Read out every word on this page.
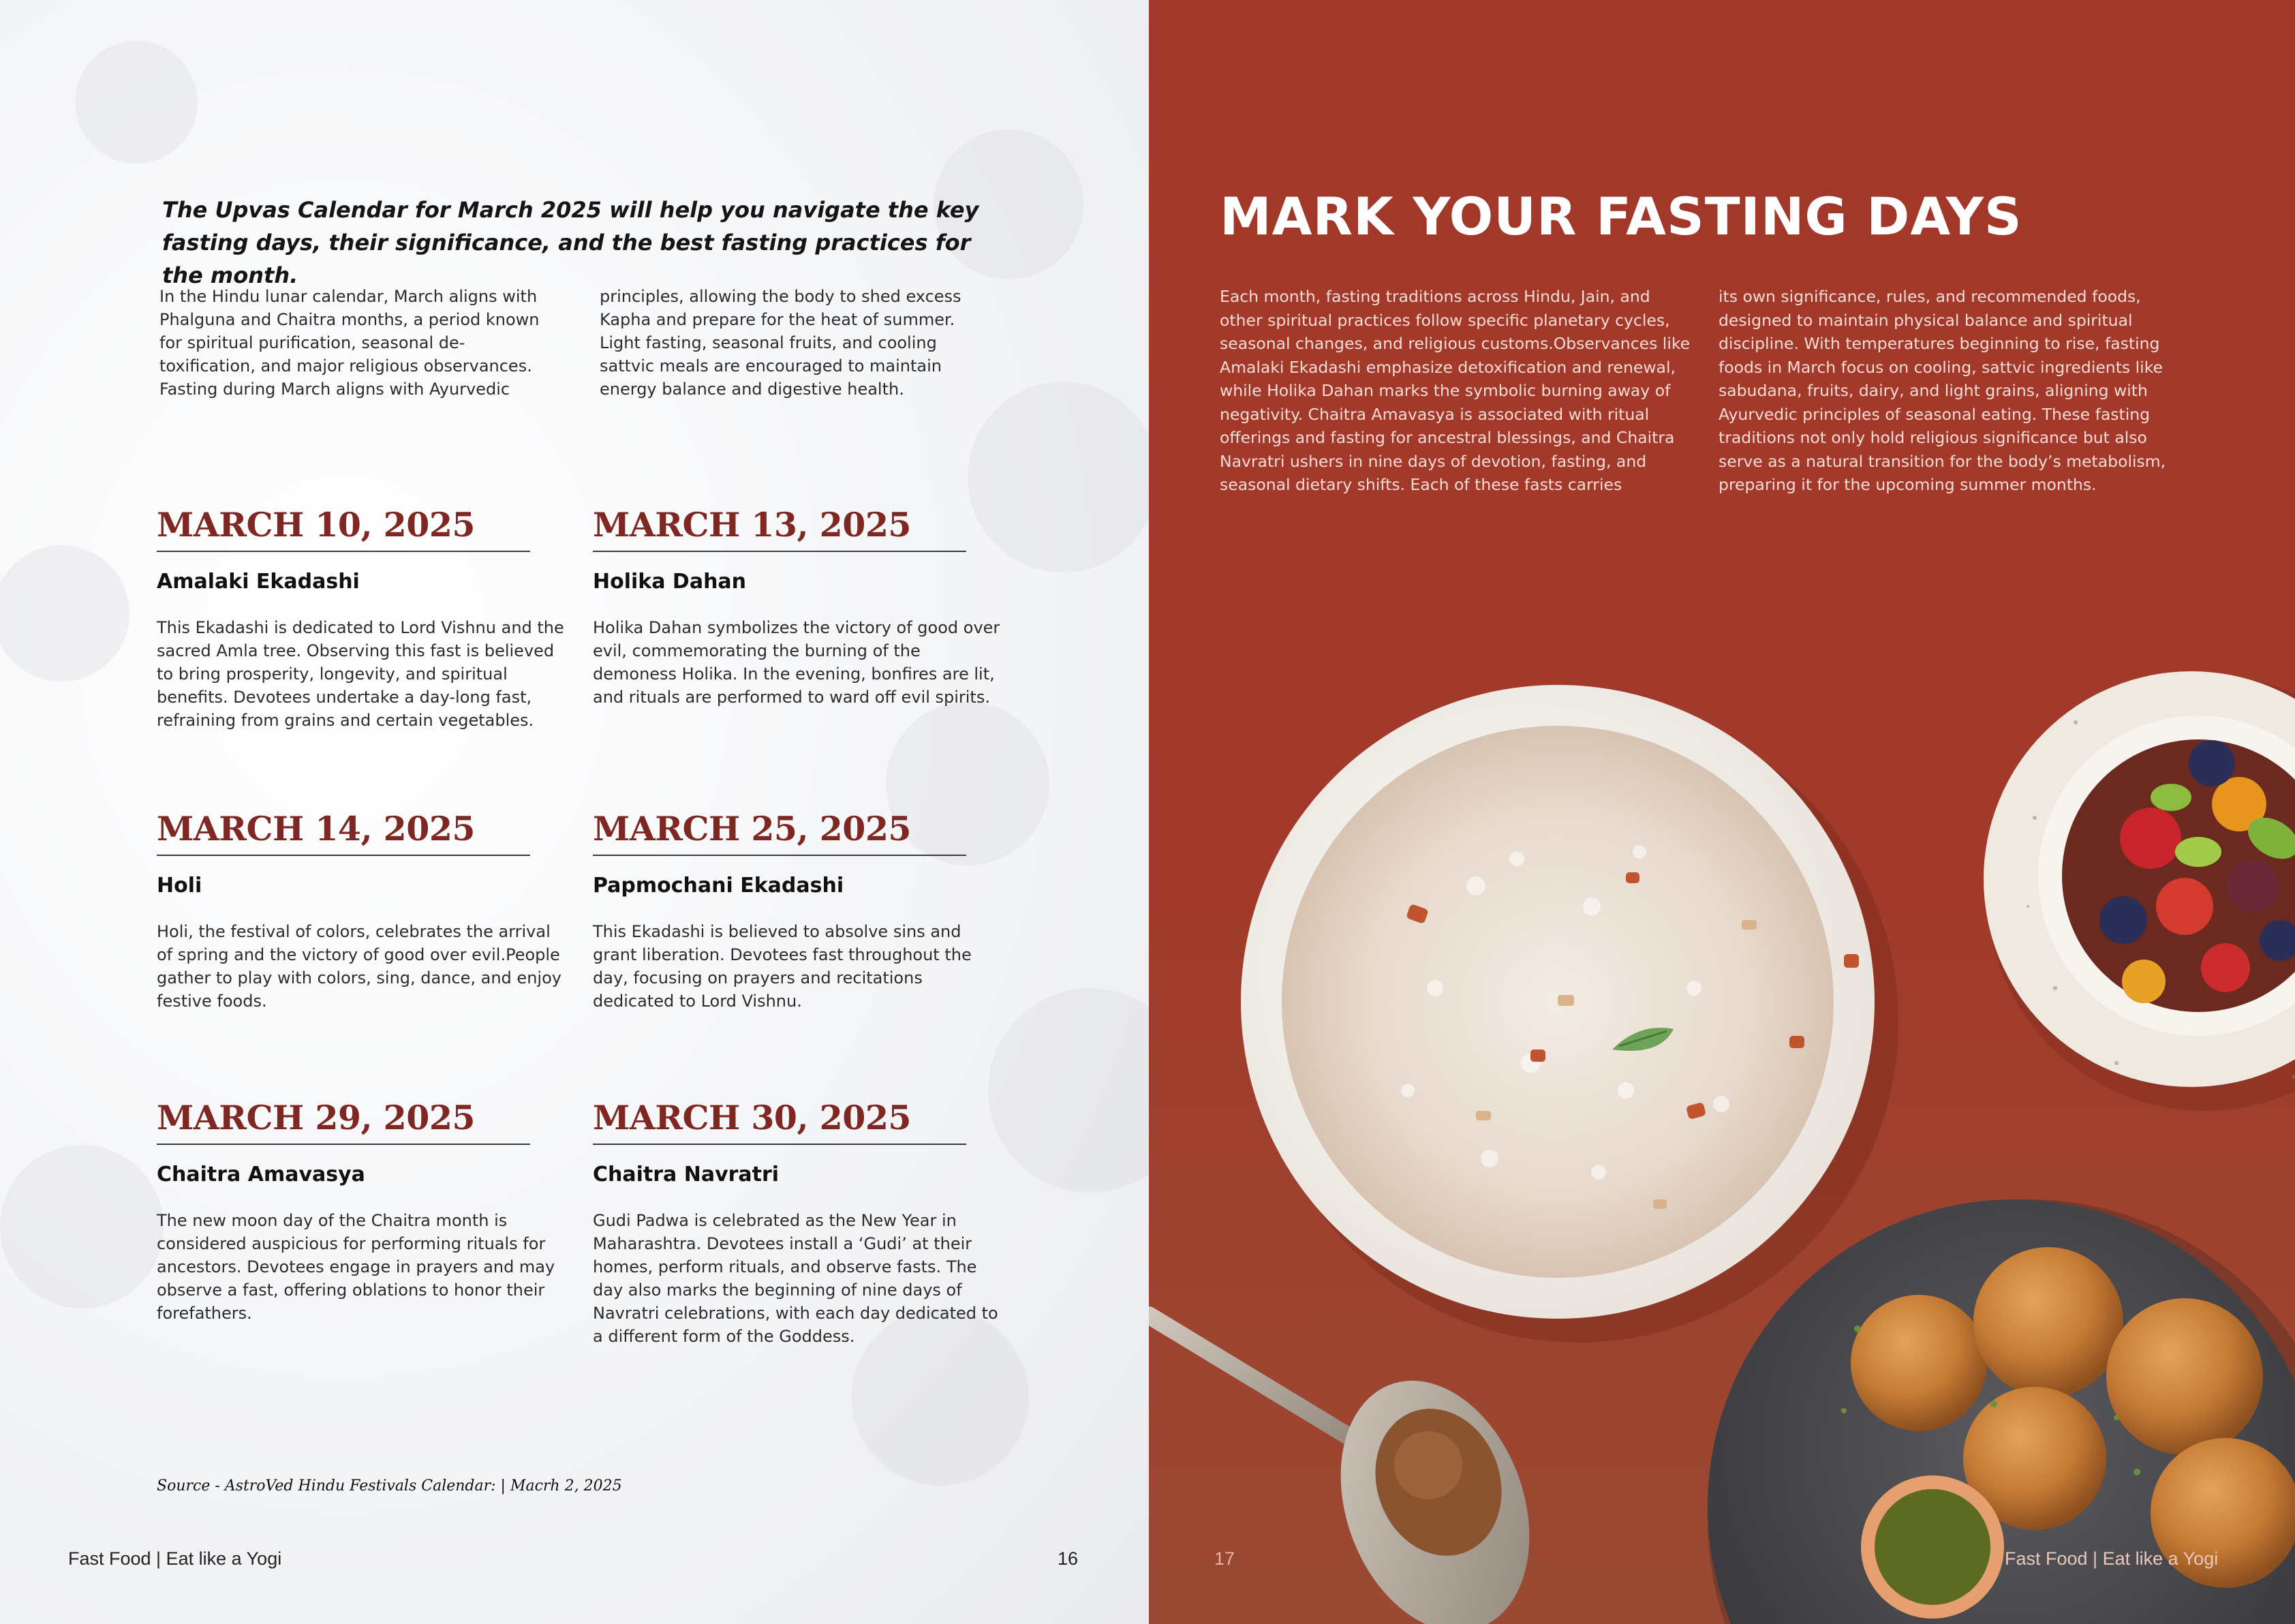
The Upvas Calendar for March 2025 will help you navigate the key fasting days, their significance, and the best fasting practices for the month.

In the Hindu lunar calendar, March aligns with Phalguna and Chaitra months, a period known for spiritual purification, seasonal de-toxification, and major religious observances. Fasting during March aligns with Ayurvedic

principles, allowing the body to shed excess Kapha and prepare for the heat of summer. Light fasting, seasonal fruits, and cooling sattvic meals are encouraged to maintain energy balance and digestive health.

MARCH 10, 2025
Amalaki Ekadashi
This Ekadashi is dedicated to Lord Vishnu and the sacred Amla tree. Observing this fast is believed to bring prosperity, longevity, and spiritual benefits. Devotees undertake a day-long fast, refraining from grains and certain vegetables.
MARCH 13, 2025
Holika Dahan
Holika Dahan symbolizes the victory of good over evil, commemorating the burning of the demoness Holika. In the evening, bonfires are lit, and rituals are performed to ward off evil spirits.
MARCH 14, 2025
Holi
Holi, the festival of colors, celebrates the arrival of spring and the victory of good over evil.People gather to play with colors, sing, dance, and enjoy festive foods.
MARCH 25, 2025
Papmochani Ekadashi
This Ekadashi is believed to absolve sins and grant liberation. Devotees fast throughout the day, focusing on prayers and recitations dedicated to Lord Vishnu.
MARCH 29, 2025
Chaitra Amavasya
The new moon day of the Chaitra month is considered auspicious for performing rituals for ancestors. Devotees engage in prayers and may observe a fast, offering oblations to honor their forefathers.
MARCH 30, 2025
Chaitra Navratri
Gudi Padwa is celebrated as the New Year in Maharashtra. Devotees install a ‘Gudi’ at their homes, perform rituals, and observe fasts. The day also marks the beginning of nine days of Navratri celebrations, with each day dedicated to a different form of the Goddess.
Source - AstroVed Hindu Festivals Calendar: | Macrh 2, 2025
Fast Food | Eat like a Yogi	16
MARK YOUR FASTING DAYS

Each month, fasting traditions across Hindu, Jain, and other spiritual practices follow specific planetary cycles, seasonal changes, and religious customs.Observances like Amalaki Ekadashi emphasize detoxification and renewal, while Holika Dahan marks the symbolic burning away of negativity. Chaitra Amavasya is associated with ritual offerings and fasting for ancestral blessings, and Chaitra Navratri ushers in nine days of devotion, fasting, and seasonal dietary shifts. Each of these fasts carries

its own significance, rules, and recommended foods, designed to maintain physical balance and spiritual discipline. With temperatures beginning to rise, fasting foods in March focus on cooling, sattvic ingredients like sabudana, fruits, dairy, and light grains, aligning with Ayurvedic principles of seasonal eating. These fasting traditions not only hold religious significance but also serve as a natural transition for the body’s metabolism, preparing it for the upcoming summer months.

17	Fast Food | Eat like a Yogi
